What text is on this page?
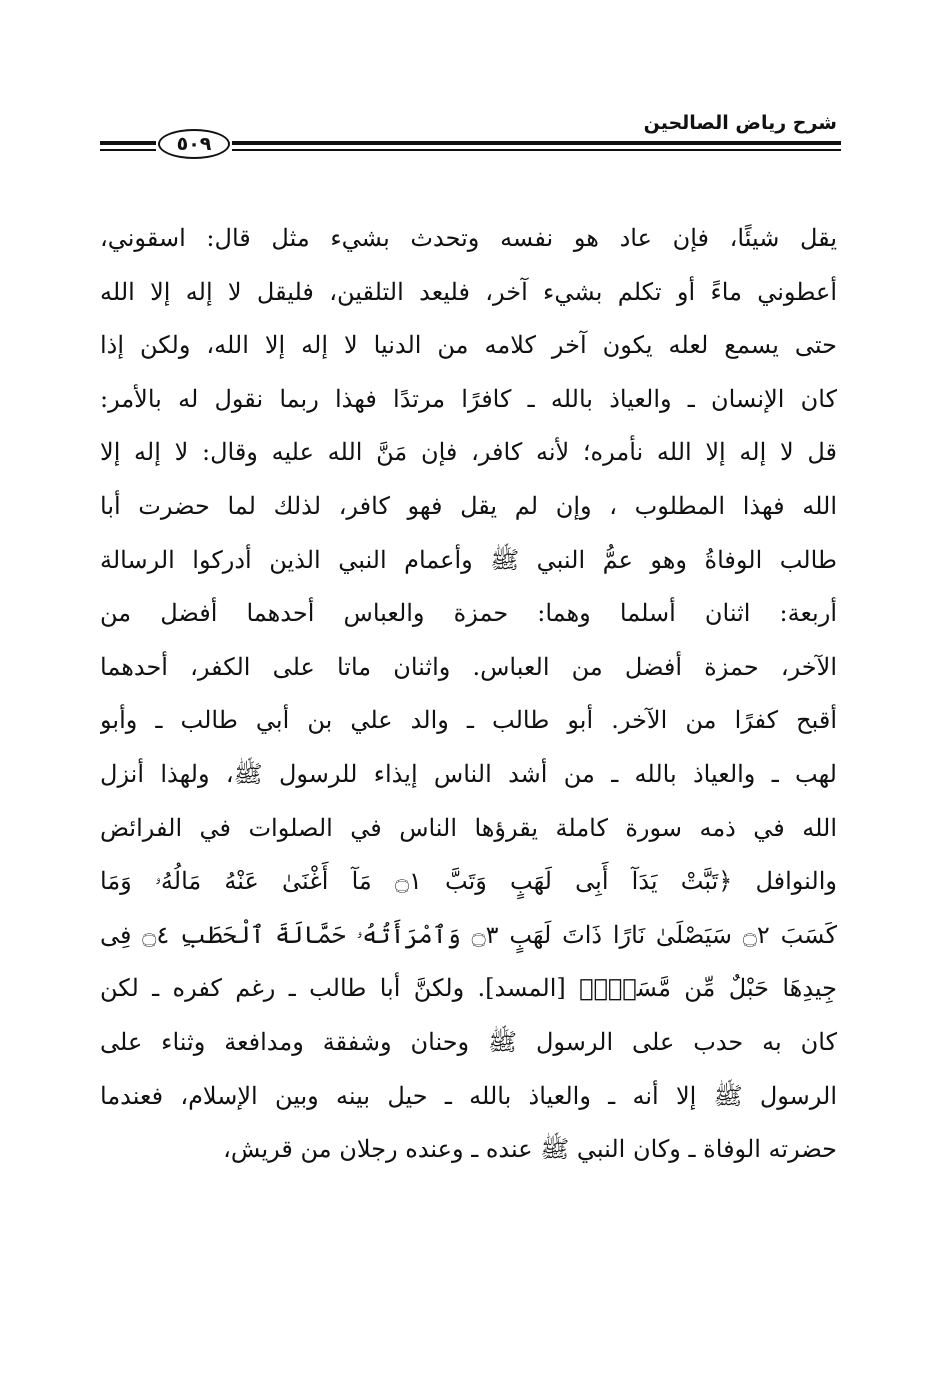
شرح رياض الصالحين
٥٠٩
يقل شيئًا، فإن عاد هو نفسه وتحدث بشيء مثل قال: اسقوني،
أعطوني ماءً أو تكلم بشيء آخر، فليعد التلقين، فليقل لا إله إلا الله
حتى يسمع لعله يكون آخر كلامه من الدنيا لا إله إلا الله، ولكن إذا
كان الإنسان ـ والعياذ بالله ـ كافرًا مرتدًا فهذا ربما نقول له بالأمر:
قل لا إله إلا الله نأمره؛ لأنه كافر، فإن مَنَّ الله عليه وقال: لا إله إلا
الله فهذا المطلوب ، وإن لم يقل فهو كافر، لذلك لما حضرت أبا
طالب الوفاةُ وهو عمُّ النبي ﷺ وأعمام النبي الذين أدركوا الرسالة
أربعة: اثنان أسلما وهما: حمزة والعباس أحدهما أفضل من
الآخر، حمزة أفضل من العباس. واثنان ماتا على الكفر، أحدهما
أقبح كفرًا من الآخر. أبو طالب ـ والد علي بن أبي طالب ـ وأبو
لهب ـ والعياذ بالله ـ من أشد الناس إيذاء للرسول ﷺ، ولهذا أنزل
الله في ذمه سورة كاملة يقرؤها الناس في الصلوات في الفرائض
والنوافل ﴿تَبَّتْ يَدَآ أَبِى لَهَبٍ وَتَبَّ ۝١ مَآ أَغْنَىٰ عَنْهُ مَالُهُۥ وَمَا
كَسَبَ ۝٢ سَيَصْلَىٰ نَارًا ذَاتَ لَهَبٍ ۝٣ وَٱمْرَأَتُهُۥ حَمَّالَةَ ٱلْحَطَبِ ۝٤ فِى
جِيدِهَا حَبْلٌ مِّن مَّسَدٍۭ﴾ [المسد]. ولكنَّ أبا طالب ـ رغم كفره ـ لكن
كان به حدب على الرسول ﷺ وحنان وشفقة ومدافعة وثناء على
الرسول ﷺ إلا أنه ـ والعياذ بالله ـ حيل بينه وبين الإسلام، فعندما
حضرته الوفاة ـ وكان النبي ﷺ عنده ـ وعنده رجلان من قريش،
